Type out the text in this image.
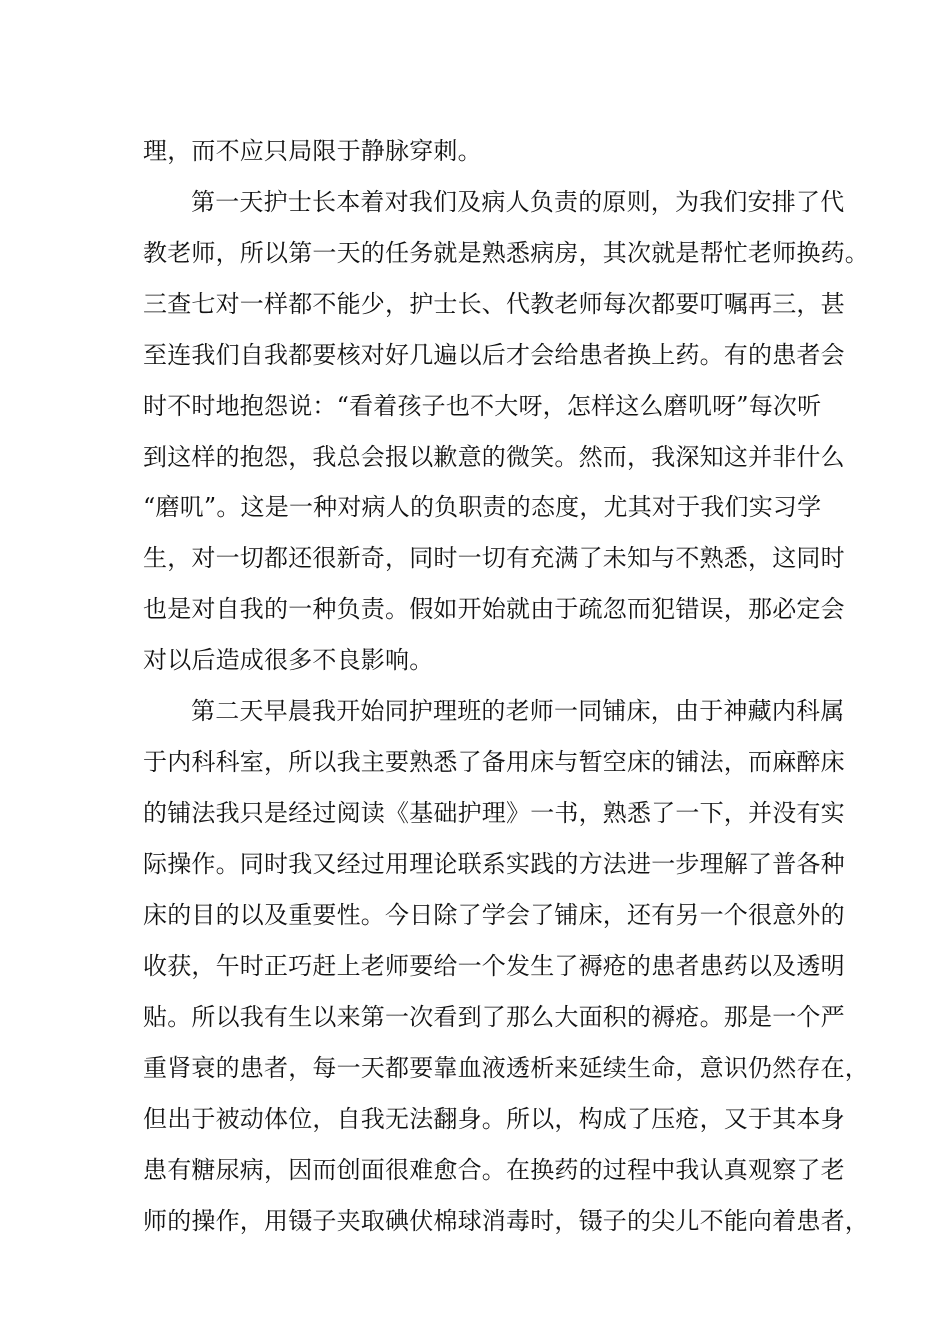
理，而不应只局限于静脉穿刺。
第一天护士长本着对我们及病人负责的原则，为我们安排了代
教老师，所以第一天的任务就是熟悉病房，其次就是帮忙老师换药。
三查七对一样都不能少，护士长、代教老师每次都要叮嘱再三，甚
至连我们自我都要核对好几遍以后才会给患者换上药。有的患者会
时不时地抱怨说：“看着孩子也不大呀，怎样这么磨叽呀”每次听
到这样的抱怨，我总会报以歉意的微笑。然而，我深知这并非什么
“磨叽”。这是一种对病人的负职责的态度，尤其对于我们实习学
生，对一切都还很新奇，同时一切有充满了未知与不熟悉，这同时
也是对自我的一种负责。假如开始就由于疏忽而犯错误，那必定会
对以后造成很多不良影响。
第二天早晨我开始同护理班的老师一同铺床，由于神藏内科属
于内科科室，所以我主要熟悉了备用床与暂空床的铺法，而麻醉床
的铺法我只是经过阅读《基础护理》一书，熟悉了一下，并没有实
际操作。同时我又经过用理论联系实践的方法进一步理解了普各种
床的目的以及重要性。今日除了学会了铺床，还有另一个很意外的
收获，午时正巧赶上老师要给一个发生了褥疮的患者患药以及透明
贴。所以我有生以来第一次看到了那么大面积的褥疮。那是一个严
重肾衰的患者，每一天都要靠血液透析来延续生命，意识仍然存在，
但出于被动体位，自我无法翻身。所以，构成了压疮，又于其本身
患有糖尿病，因而创面很难愈合。在换药的过程中我认真观察了老
师的操作，用镊子夹取碘伏棉球消毒时，镊子的尖儿不能向着患者，
